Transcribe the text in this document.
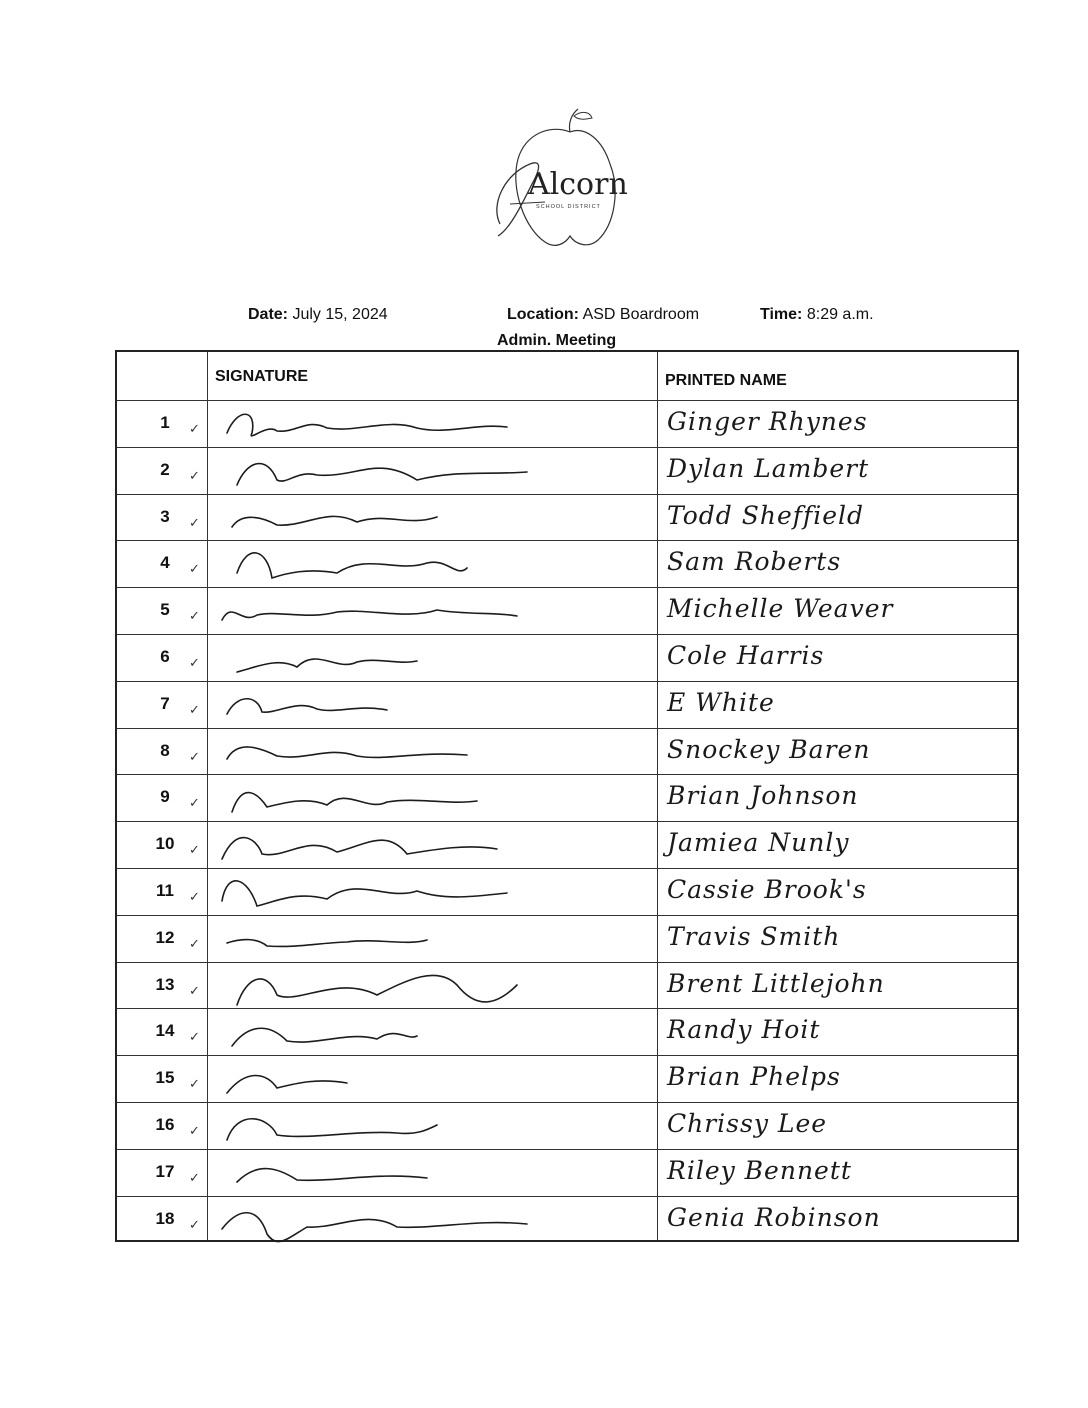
Alcorn
SCHOOL DISTRICT
Date: July 15, 2024	Location: ASD Boardroom	Time: 8:29 a.m.
Admin. Meeting
SIGNATURE	PRINTED NAME
1	✓	Ginger Rhynes
2	✓	Dylan Lambert
3	✓	Todd Sheffield
4	✓	Sam Roberts
5	✓	Michelle Weaver
6	✓	Cole Harris
7	✓	E White
8	✓	Snockey Baren
9	✓	Brian Johnson
10	✓	Jamiea Nunly
11	✓	Cassie Brook's
12	✓	Travis Smith
13	✓	Brent Littlejohn
14	✓	Randy Hoit
15	✓	Brian Phelps
16	✓	Chrissy Lee
17	✓	Riley Bennett
18	✓	Genia Robinson
